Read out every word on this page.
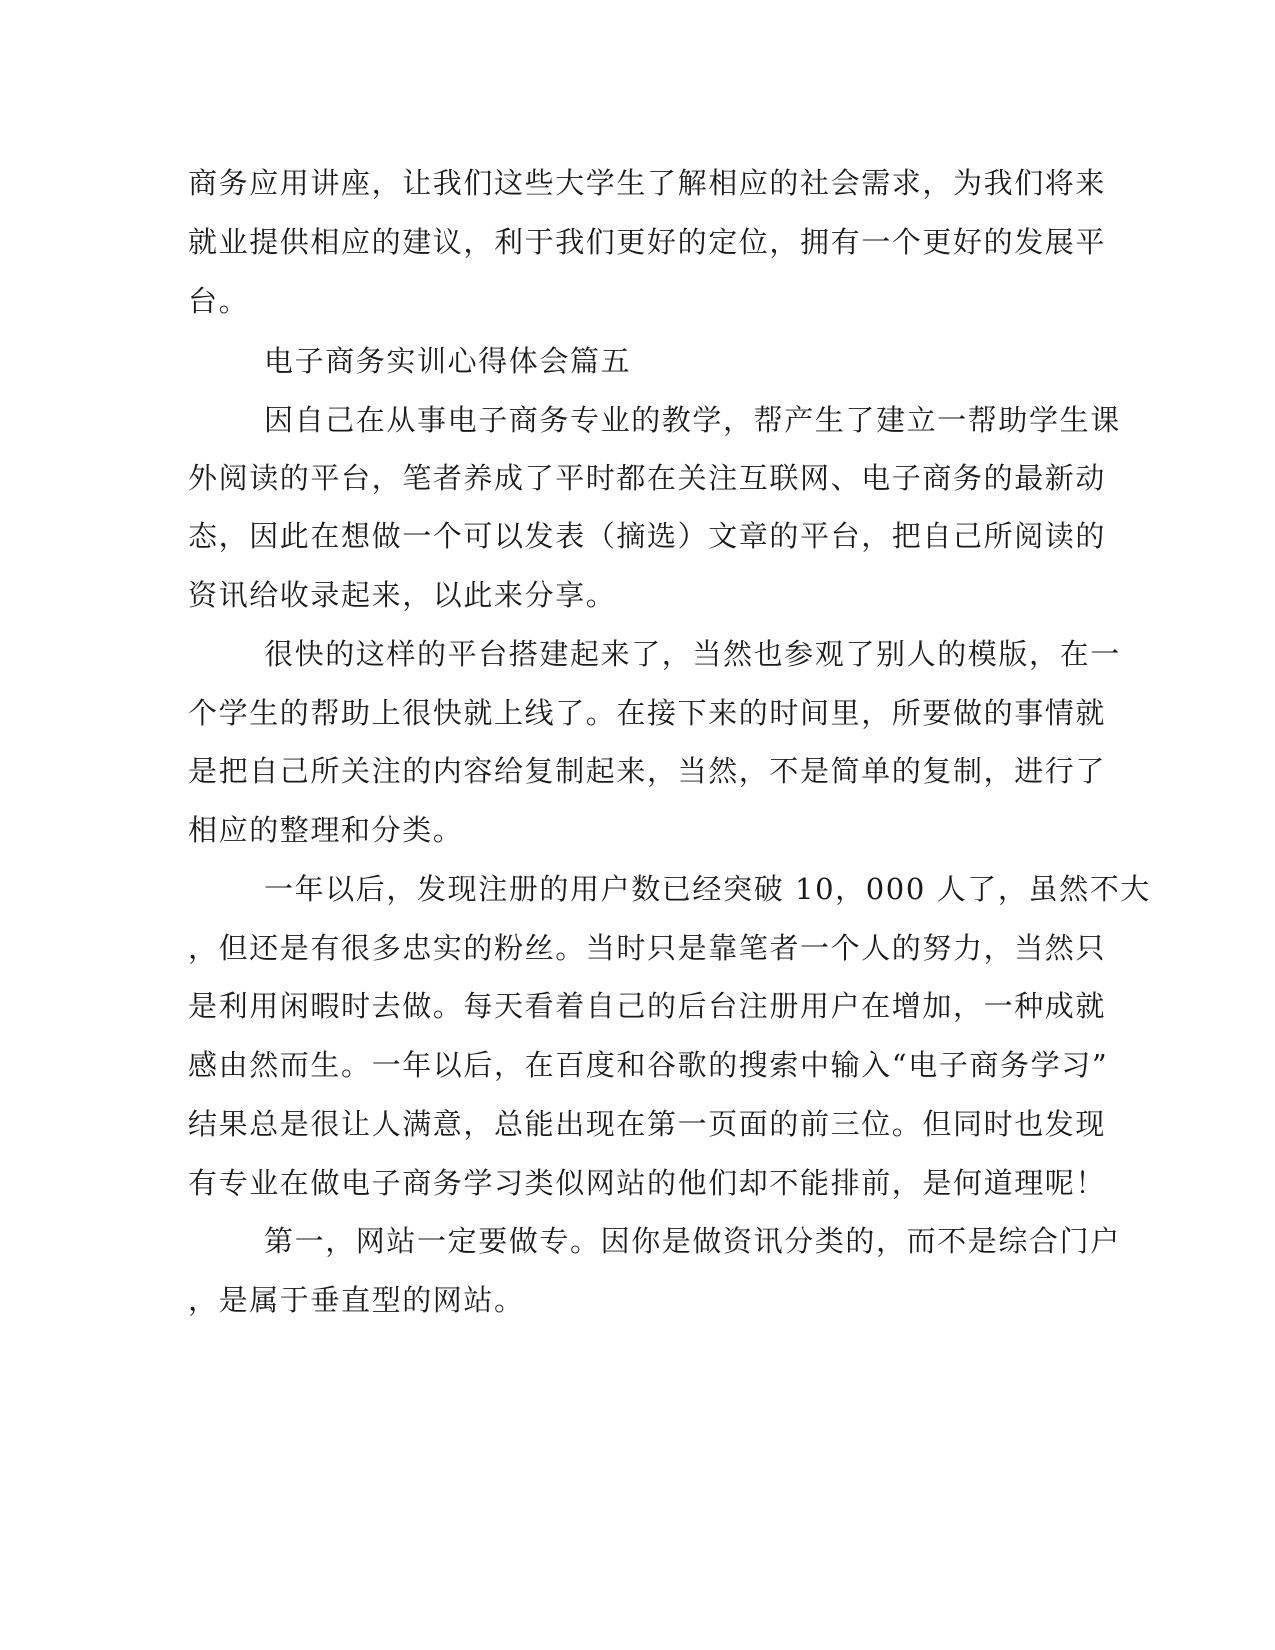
商务应用讲座，让我们这些大学生了解相应的社会需求，为我们将来

就业提供相应的建议，利于我们更好的定位，拥有一个更好的发展平

台。

电子商务实训心得体会篇五

因自己在从事电子商务专业的教学，帮产生了建立一帮助学生课

外阅读的平台，笔者养成了平时都在关注互联网、电子商务的最新动

态，因此在想做一个可以发表（摘选）文章的平台，把自己所阅读的

资讯给收录起来，以此来分享。

很快的这样的平台搭建起来了，当然也参观了别人的模版，在一

个学生的帮助上很快就上线了。在接下来的时间里，所要做的事情就

是把自己所关注的内容给复制起来，当然，不是简单的复制，进行了

相应的整理和分类。

一年以后，发现注册的用户数已经突破 10，000 人了，虽然不大

，但还是有很多忠实的粉丝。当时只是靠笔者一个人的努力，当然只

是利用闲暇时去做。每天看着自己的后台注册用户在增加，一种成就

感由然而生。一年以后，在百度和谷歌的搜索中输入“电子商务学习”

结果总是很让人满意，总能出现在第一页面的前三位。但同时也发现

有专业在做电子商务学习类似网站的他们却不能排前，是何道理呢！

第一，网站一定要做专。因你是做资讯分类的，而不是综合门户

，是属于垂直型的网站。
